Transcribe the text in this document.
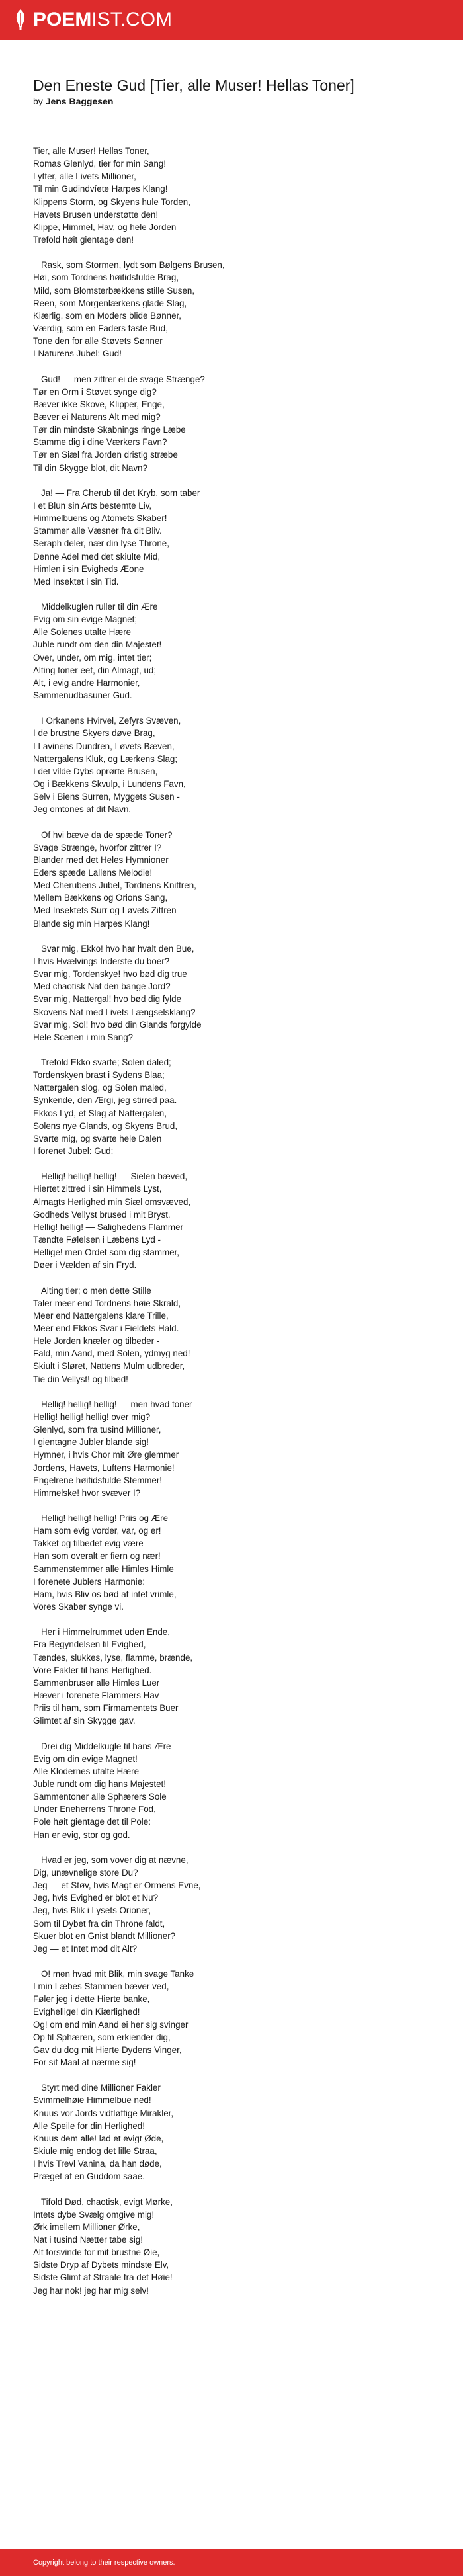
POEMIST.COM
Den Eneste Gud [Tier, alle Muser! Hellas Toner]
by Jens Baggesen
Tier, alle Muser! Hellas Toner,
Romas Glenlyd, tier for min Sang!
Lytter, alle Livets Millioner,
Til min Gudindvíete Harpes Klang!
Klippens Storm, og Skyens hule Torden,
Havets Brusen understøtte den!
Klippe, Himmel, Hav, og hele Jorden
Trefold høit gientage den!
Rask, som Stormen, lydt som Bølgens Brusen,
Høi, som Tordnens høitidsfulde Brag,
Mild, som Blomsterbækkens stille Susen,
Reen, som Morgenlærkens glade Slag,
Kiærlig, som en Moders blide Bønner,
Værdig, som en Faders faste Bud,
Tone den for alle Støvets Sønner
I Naturens Jubel: Gud!
Gud! — men zittrer ei de svage Strænge?
Tør en Orm i Støvet synge dig?
Bæver ikke Skove, Klipper, Enge,
Bæver ei Naturens Alt med mig?
Tør din mindste Skabnings ringe Læbe
Stamme dig i dine Værkers Favn?
Tør en Siæl fra Jorden dristig stræbe
Til din Skygge blot, dit Navn?
Ja! — Fra Cherub til det Kryb, som taber
I et Blun sin Arts bestemte Liv,
Himmelbuens og Atomets Skaber!
Stammer alle Væsner fra dit Bliv.
Seraph deler, nær din lyse Throne,
Denne Adel med det skiulte Mid,
Himlen i sin Evigheds Æone
Med Insektet i sin Tid.
Middelkuglen ruller til din Ære
Evig om sin evige Magnet;
Alle Solenes utalte Hære
Juble rundt om den din Majestet!
Over, under, om mig, intet tier;
Alting toner eet, din Almagt, ud;
Alt, i evig andre Harmonier,
Sammenudbasuner Gud.
I Orkanens Hvirvel, Zefyrs Svæven,
I de brustne Skyers døve Brag,
I Lavinens Dundren, Løvets Bæven,
Nattergalens Kluk, og Lærkens Slag;
I det vilde Dybs oprørte Brusen,
Og i Bækkens Skvulp, i Lundens Favn,
Selv i Biens Surren, Myggets Susen -
Jeg omtones af dit Navn.
Of hvi bæve da de spæde Toner?
Svage Strænge, hvorfor zittrer I?
Blander med det Heles Hymnioner
Eders spæde Lallens Melodie!
Med Cherubens Jubel, Tordnens Knittren,
Mellem Bækkens og Orions Sang,
Med Insektets Surr og Løvets Zittren
Blande sig min Harpes Klang!
Svar mig, Ekko! hvo har hvalt den Bue,
I hvis Hvælvings Inderste du boer?
Svar mig, Tordenskye! hvo bød dig true
Med chaotisk Nat den bange Jord?
Svar mig, Nattergal! hvo bød dig fylde
Skovens Nat med Livets Længselsklang?
Svar mig, Sol! hvo bød din Glands forgylde
Hele Scenen i min Sang?
Trefold Ekko svarte; Solen daled;
Tordenskyen brast i Sydens Blaa;
Nattergalen slog, og Solen maled,
Synkende, den Ærgi, jeg stirred paa.
Ekkos Lyd, et Slag af Nattergalen,
Solens nye Glands, og Skyens Brud,
Svarte mig, og svarte hele Dalen
I forenet Jubel: Gud:
Hellig! hellig! hellig! — Sielen bæved,
Hiertet zittred i sin Himmels Lyst,
Almagts Herlighed min Siæl omsvæved,
Godheds Vellyst brused i mit Bryst.
Hellig! hellig! — Salighedens Flammer
Tændte Følelsen i Læbens Lyd -
Hellige! men Ordet som dig stammer,
Døer i Vælden af sin Fryd.
Alting tier; o men dette Stille
Taler meer end Tordnens høie Skrald,
Meer end Nattergalens klare Trille,
Meer end Ekkos Svar i Fieldets Hald.
Hele Jorden knæler og tilbeder -
Fald, min Aand, med Solen, ydmyg ned!
Skiult i Sløret, Nattens Mulm udbreder,
Tie din Vellyst! og tilbed!
Hellig! hellig! hellig! — men hvad toner
Hellig! hellig! hellig! over mig?
Glenlyd, som fra tusind Millioner,
I gientagne Jubler blande sig!
Hymner, i hvis Chor mit Øre glemmer
Jordens, Havets, Luftens Harmonie!
Engelrene høitidsfulde Stemmer!
Himmelske! hvor svæver I?
Hellig! hellig! hellig! Priis og Ære
Ham som evig vorder, var, og er!
Takket og tilbedet evig være
Han som overalt er fiern og nær!
Sammenstemmer alle Himles Himle
I forenete Jublers Harmonie:
Ham, hvis Bliv os bød af intet vrimle,
Vores Skaber synge vi.
Her i Himmelrummet uden Ende,
Fra Begyndelsen til Evighed,
Tændes, slukkes, lyse, flamme, brænde,
Vore Fakler til hans Herlighed.
Sammenbruser alle Himles Luer
Hæver i forenete Flammers Hav
Priis til ham, som Firmamentets Buer
Glimtet af sin Skygge gav.
Drei dig Middelkugle til hans Ære
Evig om din evige Magnet!
Alle Klodernes utalte Hære
Juble rundt om dig hans Majestet!
Sammentoner alle Sphærers Sole
Under Eneherrens Throne Fod,
Pole høit gientage det til Pole:
Han er evig, stor og god.
Hvad er jeg, som vover dig at nævne,
Dig, unævnelige store Du?
Jeg — et Støv, hvis Magt er Ormens Evne,
Jeg, hvis Evighed er blot et Nu?
Jeg, hvis Blik i Lysets Orioner,
Som til Dybet fra din Throne faldt,
Skuer blot en Gnist blandt Millioner?
Jeg — et Intet mod dit Alt?
O! men hvad mit Blik, min svage Tanke
I min Læbes Stammen bæver ved,
Føler jeg i dette Hierte banke,
Evighellige! din Kiærlighed!
Og! om end min Aand ei her sig svinger
Op til Sphæren, som erkiender dig,
Gav du dog mit Hierte Dydens Vinger,
For sit Maal at nærme sig!
Styrt med dine Millioner Fakler
Svimmelhøie Himmelbue ned!
Knuus vor Jords vidtløftige Mirakler,
Alle Speile for din Herlighed!
Knuus dem alle! lad et evigt Øde,
Skiule mig endog det lille Straa,
I hvis Trevl Vanina, da han døde,
Præget af en Guddom saae.
Tifold Død, chaotisk, evigt Mørke,
Intets dybe Svælg omgive mig!
Ørk imellem Millioner Ørke,
Nat i tusind Nætter tabe sig!
Alt forsvinde for mit brustne Øie,
Sidste Dryp af Dybets mindste Elv,
Sidste Glimt af Straale fra det Høie!
Jeg har nok! jeg har mig selv!
Copyright belong to their respective owners.
